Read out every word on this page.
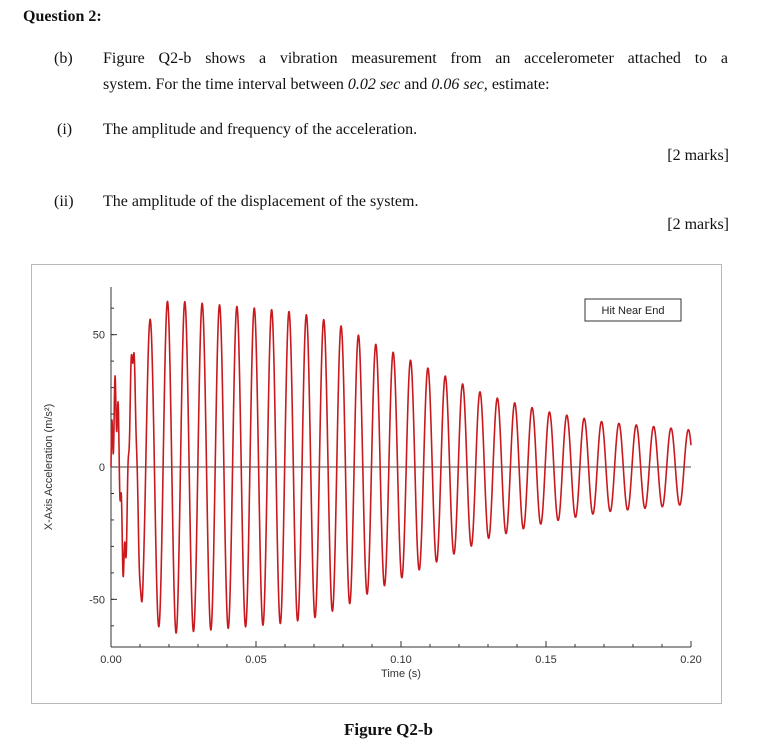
Question 2:
(b) Figure Q2-b shows a vibration measurement from an accelerometer attached to a
system. For the time interval between 0.02 sec and 0.06 sec, estimate:
(i) The amplitude and frequency of the acceleration.
[2 marks]
(ii) The amplitude of the displacement of the system.
[2 marks]
0.00	0.05	0.10	0.15	0.20
50
0
-50
Time (s)
X-Axis Acceleration (m/s²)
Hit Near End
Figure Q2-b
